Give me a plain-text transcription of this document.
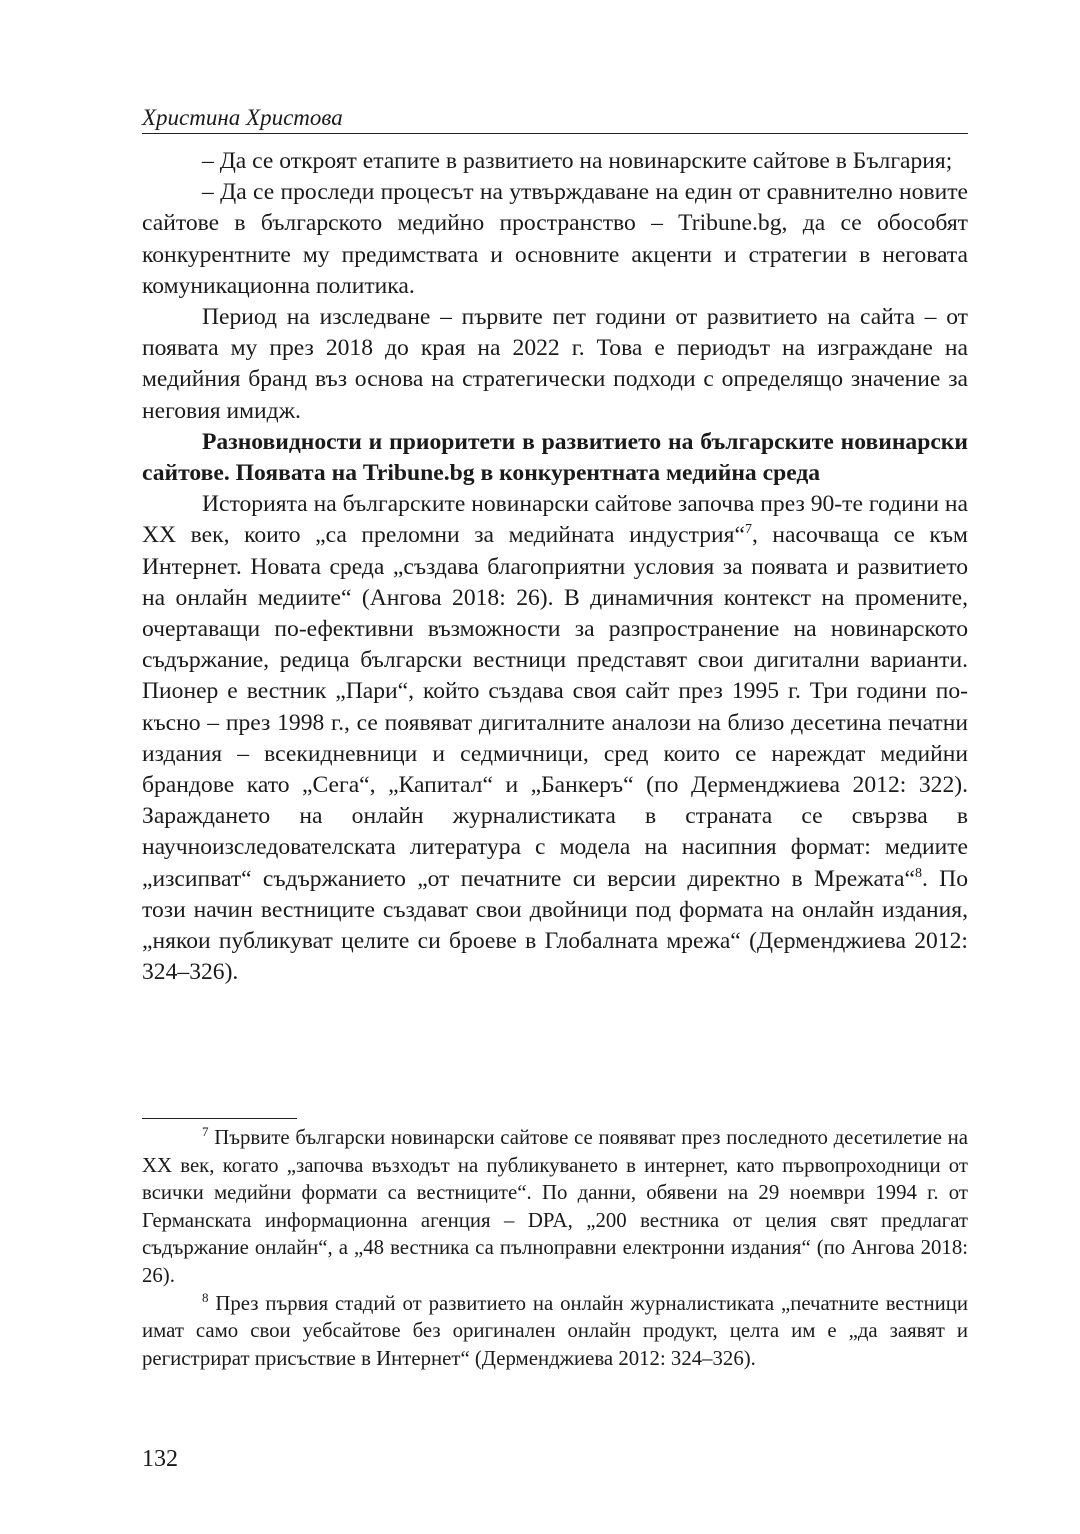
Христина Христова

– Да се откроят етапите в развитието на новинарските сайтове в България;

– Да се проследи процесът на утвърждаване на един от сравнително новите сайтове в българското медийно пространство – Tribune.bg, да се обособят конкурентните му предимствата и основните акценти и стратегии в неговата комуникационна политика.

Период на изследване – първите пет години от развитието на сайта – от появата му през 2018 до края на 2022 г. Това е периодът на изграждане на медийния бранд въз основа на стратегически подходи с определящо значение за неговия имидж.

Разновидности и приоритети в развитието на българските новинарски сайтове. Появата на Tribune.bg в конкурентната медийна среда

Историята на българските новинарски сайтове започва през 90-те години на XX век, които „са преломни за медийната индустрия“$^7$, насочваща се към Интернет. Новата среда „създава благоприятни условия за появата и развитието на онлайн медиите“ (Ангова 2018: 26). В динамичния контекст на промените, очертаващи по-ефективни възможности за разпространение на новинарското съдържание, редица български вестници представят свои дигитални варианти. Пионер е вестник „Пари“, който създава своя сайт през 1995 г. Три години по-късно – през 1998 г., се появяват дигиталните аналози на близо десетина печатни издания – всекидневници и седмичници, сред които се нареждат медийни брандове като „Сега“, „Капитал“ и „Банкеръ“ (по Дерменджиева 2012: 322). Зараждането на онлайн журналистиката в страната се свързва в научноизследователската литература с модела на насипния формат: медиите „изсипват“ съдържанието „от печатните си версии директно в Мрежата“$^8$. По този начин вестниците създават свои двойници под формата на онлайн издания, „някои публикуват целите си броеве в Глобалната мрежа“ (Дерменджиева 2012: 324–326).

$^7$ Първите български новинарски сайтове се появяват през последното десетилетие на XX век, когато „започва възходът на публикуването в интернет, като първопроходници от всички медийни формати са вестниците“. По данни, обявени на 29 ноември 1994 г. от Германската информационна агенция – DPA, „200 вестника от целия свят предлагат съдържание онлайн“, а „48 вестника са пълноправни електронни издания“ (по Ангова 2018: 26).

$^8$ През първия стадий от развитието на онлайн журналистиката „печатните вестници имат само свои уебсайтове без оригинален онлайн продукт, целта им е „да заявят и регистрират присъствие в Интернет“ (Дерменджиева 2012: 324–326).

132
